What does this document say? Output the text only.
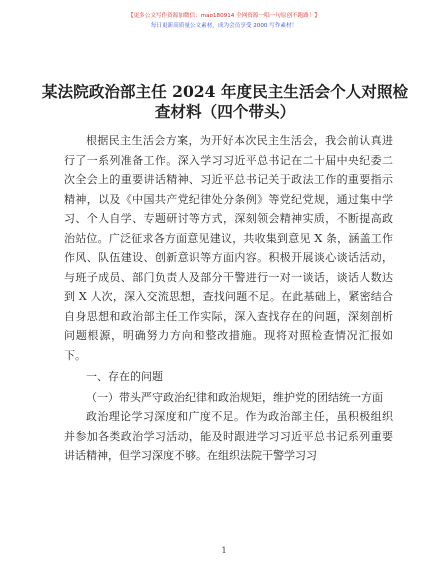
【更多公文写作资源加微信：mao180914 全网资源一唱一句原创不跑路！】
每日更新高质量公文素材，成为会员享受 2000 写作素材！
某法院政治部主任 2024 年度民主生活会个人对照检查材料（四个带头）

根据民主生活会方案，为开好本次民主生活会，我会前认真进行了一系列准备工作。深入学习习近平总书记在二十届中央纪委二次全会上的重要讲话精神、习近平总书记关于政法工作的重要指示精神，以及《中国共产党纪律处分条例》等党纪党规，通过集中学习、个人自学、专题研讨等方式，深刻领会精神实质，不断提高政治站位。广泛征求各方面意见建议，共收集到意见 X 条，涵盖工作作风、队伍建设、创新意识等方面内容。积极开展谈心谈话活动，与班子成员、部门负责人及部分干警进行一对一谈话，谈话人数达到 X 人次，深入交流思想，查找问题不足。在此基础上，紧密结合自身思想和政治部主任工作实际，深入查找存在的问题，深刻剖析问题根源，明确努力方向和整改措施。现将对照检查情况汇报如下。

一、存在的问题

（一）带头严守政治纪律和政治规矩，维护党的团结统一方面

政治理论学习深度和广度不足。作为政治部主任，虽积极组织并参加各类政治学习活动，能及时跟进学习习近平总书记系列重要讲话精神，但学习深度不够。在组织法院干警学习习

1
